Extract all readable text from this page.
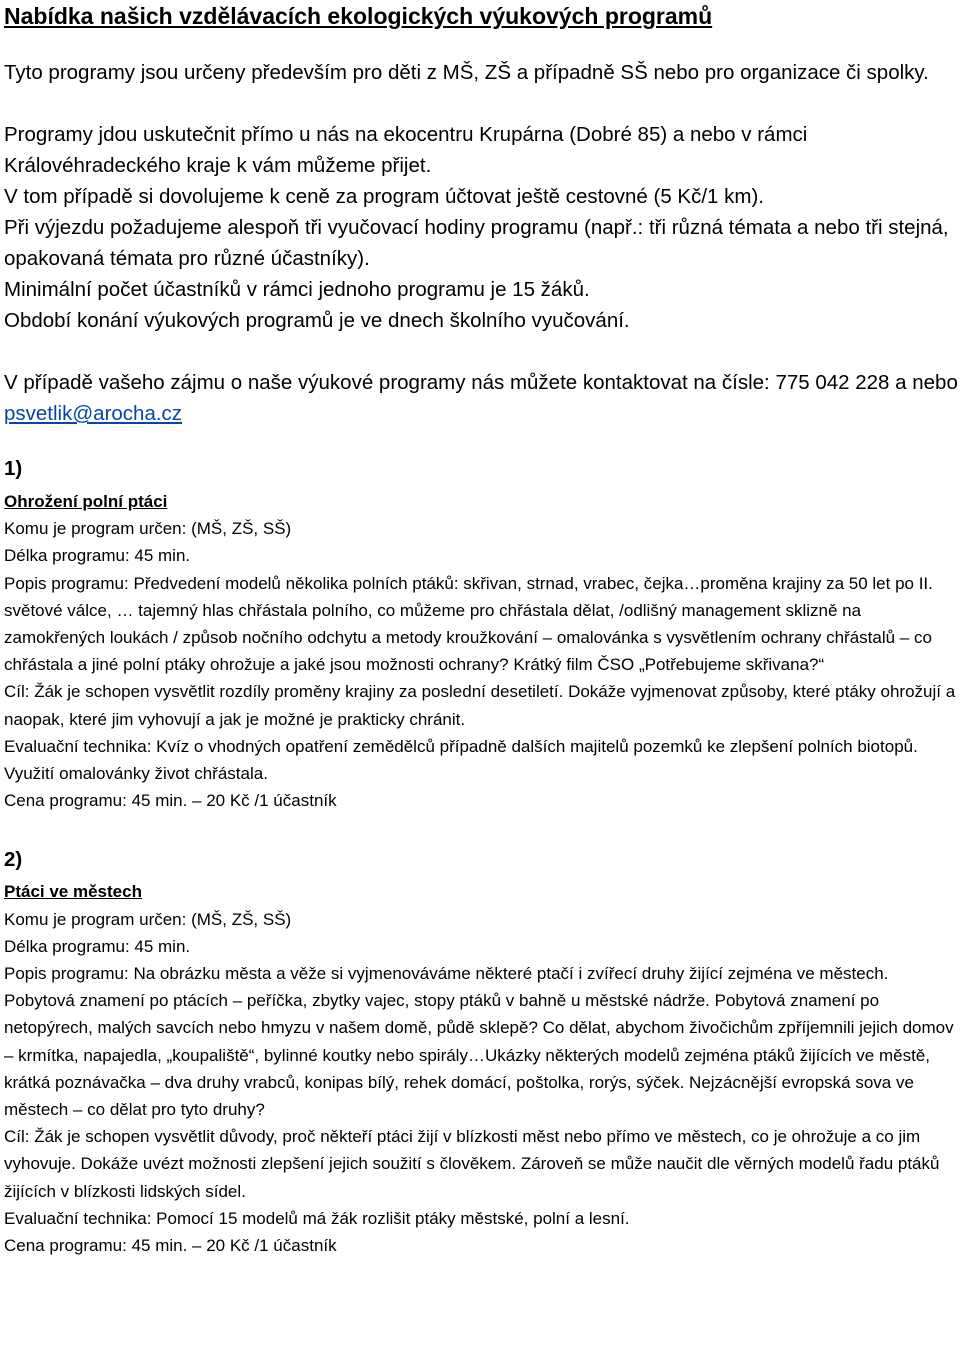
Nabídka našich vzdělávacích ekologických výukových programů

Tyto programy jsou určeny především pro děti z MŠ, ZŠ a případně SŠ nebo pro organizace či spolky.

Programy jdou uskutečnit přímo u nás na ekocentru Krupárna (Dobré 85) a nebo v rámci Královéhradeckého kraje k vám můžeme přijet.

V tom případě si dovolujeme k ceně za program účtovat ještě cestovné (5 Kč/1 km).

Při výjezdu požadujeme alespoň tři vyučovací hodiny programu (např.: tři různá témata a nebo tři stejná, opakovaná témata pro různé účastníky).

Minimální počet účastníků v rámci jednoho programu je 15 žáků.

Období konání výukových programů je ve dnech školního vyučování.

V případě vašeho zájmu o naše výukové programy nás můžete kontaktovat na čísle: 775 042 228 a nebo psvetlik@arocha.cz

1)

Ohrožení polní ptáci

Komu je program určen: (MŠ, ZŠ, SŠ)

Délka programu: 45 min.

Popis programu: Předvedení modelů několika polních ptáků: skřivan, strnad, vrabec, čejka…proměna krajiny za 50 let po II. světové válce, … tajemný hlas chřástala polního, co můžeme pro chřástala dělat, /odlišný management sklizně na zamokřených loukách / způsob nočního odchytu a metody kroužkování – omalovánka s vysvětlením ochrany chřástalů – co chřástala a jiné polní ptáky ohrožuje a jaké jsou možnosti ochrany? Krátký film ČSO „Potřebujeme skřivana?“

Cíl: Žák je schopen vysvětlit rozdíly proměny krajiny za poslední desetiletí. Dokáže vyjmenovat způsoby, které ptáky ohrožují a naopak, které jim vyhovují a jak je možné je prakticky chránit.

Evaluační technika: Kvíz o vhodných opatření zemědělců případně dalších majitelů pozemků ke zlepšení polních biotopů. Využití omalovánky život chřástala.

Cena programu: 45 min. – 20 Kč /1 účastník

2)

Ptáci ve městech

Komu je program určen: (MŠ, ZŠ, SŠ)

Délka programu: 45 min.

Popis programu: Na obrázku města a věže si vyjmenováváme některé ptačí i zvířecí druhy žijící zejména ve městech. Pobytová znamení po ptácích – peříčka, zbytky vajec, stopy ptáků v bahně u městské nádrže. Pobytová znamení po netopýrech, malých savcích nebo hmyzu v našem domě, půdě sklepě? Co dělat, abychom živočichům zpříjemnili jejich domov – krmítka, napajedla, „koupaliště“, bylinné koutky nebo spirály…Ukázky některých modelů zejména ptáků žijících ve městě, krátká poznávačka – dva druhy vrabců, konipas bílý, rehek domácí, poštolka, rorýs, sýček. Nejzácnější evropská sova ve městech – co dělat pro tyto druhy?

Cíl: Žák je schopen vysvětlit důvody, proč někteří ptáci žijí v blízkosti měst nebo přímo ve městech, co je ohrožuje a co jim vyhovuje. Dokáže uvézt možnosti zlepšení jejich soužití s člověkem. Zároveň se může naučit dle věrných modelů řadu ptáků žijících v blízkosti lidských sídel.

Evaluační technika: Pomocí 15 modelů má žák rozlišit ptáky městské, polní a lesní.

Cena programu: 45 min. – 20 Kč /1 účastník
